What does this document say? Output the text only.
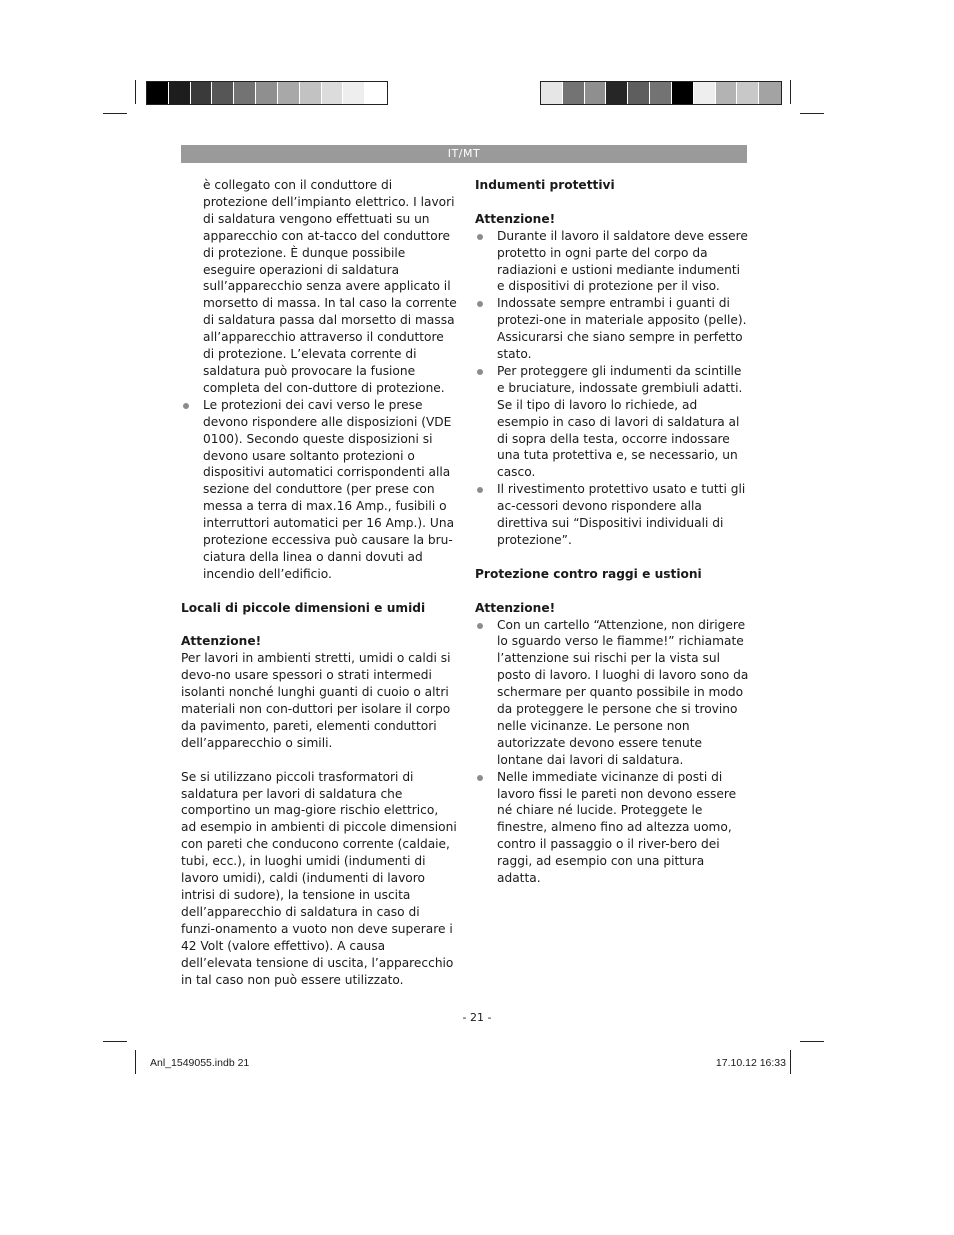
IT/MT

è collegato con il conduttore di protezione dell’impianto elettrico. I lavori di saldatura vengono effettuati su un apparecchio con at-tacco del conduttore di protezione. È dunque possibile eseguire operazioni di saldatura sull’apparecchio senza avere applicato il morsetto di massa. In tal caso la corrente di saldatura passa dal morsetto di massa all’apparecchio attraverso il conduttore di protezione. L’elevata corrente di saldatura può provocare la fusione completa del con-duttore di protezione.

Le protezioni dei cavi verso le prese devono rispondere alle disposizioni (VDE 0100). Secondo queste disposizioni si devono usare soltanto protezioni o dispositivi automatici corrispondenti alla sezione del conduttore (per prese con messa a terra di max.16 Amp., fusibili o interruttori automatici per 16 Amp.). Una protezione eccessiva può causare la bru-ciatura della linea o danni dovuti ad incendio dell’edificio.

Locali di piccole dimensioni e umidi

Attenzione!

Per lavori in ambienti stretti, umidi o caldi si devo-no usare spessori o strati intermedi isolanti nonché lunghi guanti di cuoio o altri materiali non con-duttori per isolare il corpo da pavimento, pareti, elementi conduttori dell’apparecchio o simili.

Se si utilizzano piccoli trasformatori di saldatura per lavori di saldatura che comportino un mag-giore rischio elettrico, ad esempio in ambienti di piccole dimensioni con pareti che conducono corrente (caldaie, tubi, ecc.), in luoghi umidi (indumenti di lavoro umidi), caldi (indumenti di lavoro intrisi di sudore), la tensione in uscita dell’apparecchio di saldatura in caso di funzi-onamento a vuoto non deve superare i 42 Volt (valore effettivo). A causa dell’elevata tensione di uscita, l’apparecchio in tal caso non può essere utilizzato.

Indumenti protettivi

Attenzione!

Durante il lavoro il saldatore deve essere protetto in ogni parte del corpo da radiazioni e ustioni mediante indumenti e dispositivi di protezione per il viso.
Indossate sempre entrambi i guanti di protezi-one in materiale apposito (pelle). Assicurarsi che siano sempre in perfetto stato.
Per proteggere gli indumenti da scintille e bruciature, indossate grembiuli adatti. Se il tipo di lavoro lo richiede, ad esempio in caso di lavori di saldatura al di sopra della testa, occorre indossare una tuta protettiva e, se necessario, un casco.
Il rivestimento protettivo usato e tutti gli ac-cessori devono rispondere alla direttiva sui “Dispositivi individuali di protezione”.

Protezione contro raggi e ustioni

Attenzione!

Con un cartello “Attenzione, non dirigere lo sguardo verso le fiamme!” richiamate l’attenzione sui rischi per la vista sul posto di lavoro. I luoghi di lavoro sono da schermare per quanto possibile in modo da proteggere le persone che si trovino nelle vicinanze. Le persone non autorizzate devono essere tenute lontane dai lavori di saldatura.
Nelle immediate vicinanze di posti di lavoro fissi le pareti non devono essere né chiare né lucide. Proteggete le finestre, almeno fino ad altezza uomo, contro il passaggio o il river-bero dei raggi, ad esempio con una pittura adatta.
- 21 -
Anl_1549055.indb 21	17.10.12 16:33
